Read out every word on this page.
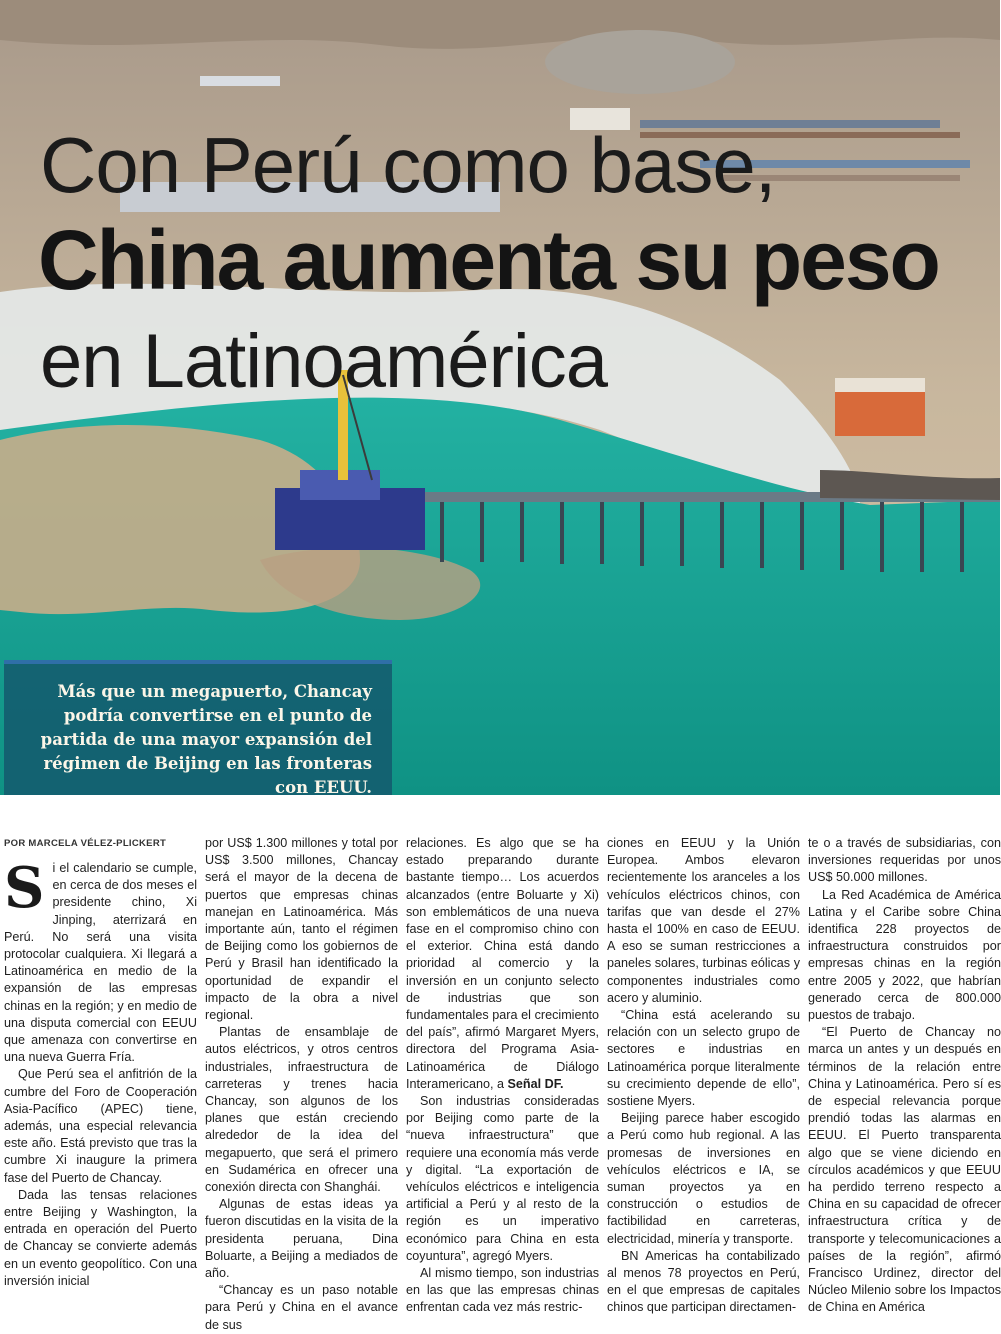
Con Perú como base,
China aumenta su peso
en Latinoamérica
Más que un megapuerto, Chancay podría convertirse en el punto de partida de una mayor expansión del régimen de Beijing en las fronteras con EEUU.
POR MARCELA VÉLEZ-PLICKERT

Si el calendario se cumple, en cerca de dos meses el presidente chino, Xi Jinping, aterrizará en Perú. No será una visita protocolar cualquiera. Xi llegará a Latinoamérica en medio de la expansión de las empresas chinas en la región; y en medio de una disputa comercial con EEUU que amenaza con convertirse en una nueva Guerra Fría.

Que Perú sea el anfitrión de la cumbre del Foro de Cooperación Asia-Pacífico (APEC) tiene, además, una especial relevancia este año. Está previsto que tras la cumbre Xi inaugure la primera fase del Puerto de Chancay.

Dada las tensas relaciones entre Beijing y Washington, la entrada en operación del Puerto de Chancay se convierte además en un evento geopolítico. Con una inversión inicial

por US$ 1.300 millones y total por US$ 3.500 millones, Chancay será el mayor de la decena de puertos que empresas chinas manejan en Latinoamérica. Más importante aún, tanto el régimen de Beijing como los gobiernos de Perú y Brasil han identificado la oportunidad de expandir el impacto de la obra a nivel regional.

Plantas de ensamblaje de autos eléctricos, y otros centros industriales, infraestructura de carreteras y trenes hacia Chancay, son algunos de los planes que están creciendo alrededor de la idea del megapuerto, que será el primero en Sudamérica en ofrecer una conexión directa con Shanghái.

Algunas de estas ideas ya fueron discutidas en la visita de la presidenta peruana, Dina Boluarte, a Beijing a mediados de año.

“Chancay es un paso notable para Perú y China en el avance de sus

relaciones. Es algo que se ha estado preparando durante bastante tiempo… Los acuerdos alcanzados (entre Boluarte y Xi) son emblemáticos de una nueva fase en el compromiso chino con el exterior. China está dando prioridad al comercio y la inversión en un conjunto selecto de industrias que son fundamentales para el crecimiento del país”, afirmó Margaret Myers, directora del Programa Asia-Latinoamérica de Diálogo Interamericano, a Señal DF.

Son industrias consideradas por Beijing como parte de la “nueva infraestructura” que requiere una economía más verde y digital. “La exportación de vehículos eléctricos e inteligencia artificial a Perú y al resto de la región es un imperativo económico para China en esta coyuntura”, agregó Myers.

Al mismo tiempo, son industrias en las que las empresas chinas enfrentan cada vez más restric-

ciones en EEUU y la Unión Europea. Ambos elevaron recientemente los aranceles a los vehículos eléctricos chinos, con tarifas que van desde el 27% hasta el 100% en caso de EEUU. A eso se suman restricciones a paneles solares, turbinas eólicas y componentes industriales como acero y aluminio.

“China está acelerando su relación con un selecto grupo de sectores e industrias en Latinoamérica porque literalmente su crecimiento depende de ello”, sostiene Myers.

Beijing parece haber escogido a Perú como hub regional. A las promesas de inversiones en vehículos eléctricos e IA, se suman proyectos ya en construcción o estudios de factibilidad en carreteras, electricidad, minería y transporte.

BN Americas ha contabilizado al menos 78 proyectos en Perú, en el que empresas de capitales chinos que participan directamen-

te o a través de subsidiarias, con inversiones requeridas por unos US$ 50.000 millones.

La Red Académica de América Latina y el Caribe sobre China identifica 228 proyectos de infraestructura construidos por empresas chinas en la región entre 2005 y 2022, que habrían generado cerca de 800.000 puestos de trabajo.

“El Puerto de Chancay no marca un antes y un después en términos de la relación entre China y Latinoamérica. Pero sí es de especial relevancia porque prendió todas las alarmas en EEUU. El Puerto transparenta algo que se viene diciendo en círculos académicos y que EEUU ha perdido terreno respecto a China en su capacidad de ofrecer infraestructura crítica y de transporte y telecomunicaciones a países de la región”, afirmó Francisco Urdinez, director del Núcleo Milenio sobre los Impactos de China en América
